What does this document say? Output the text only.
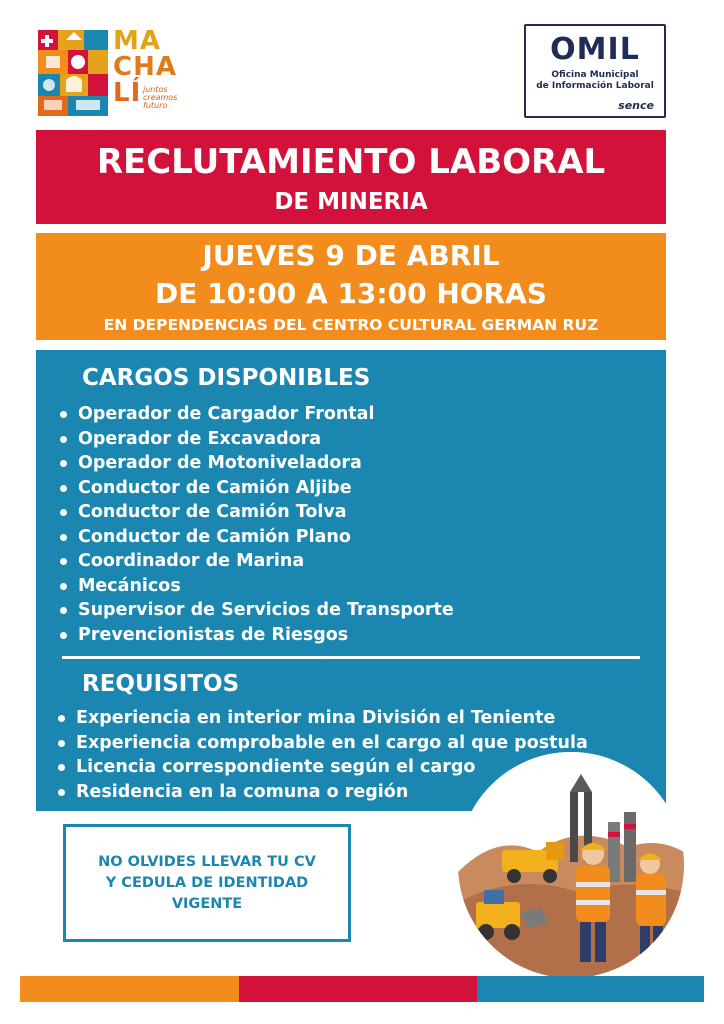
MA
CHA
LÍ juntos creamos futuro
OMIL
Oficina Municipal
de Información Laboral
sence
RECLUTAMIENTO LABORAL
DE MINERIA
JUEVES 9 DE ABRIL
DE 10:00 A 13:00 HORAS
EN DEPENDENCIAS DEL CENTRO CULTURAL GERMAN RUZ
CARGOS DISPONIBLES
Operador de Cargador Frontal
Operador de Excavadora
Operador de Motoniveladora
Conductor de Camión Aljibe
Conductor de Camión Tolva
Conductor de Camión Plano
Coordinador de Marina
Mecánicos
Supervisor de Servicios de Transporte
Prevencionistas de Riesgos
REQUISITOS
Experiencia en interior mina División el Teniente
Experiencia comprobable en el cargo al que postula
Licencia correspondiente según el cargo
Residencia en la comuna o región
NO OLVIDES LLEVAR TU CV
Y CEDULA DE IDENTIDAD
VIGENTE
